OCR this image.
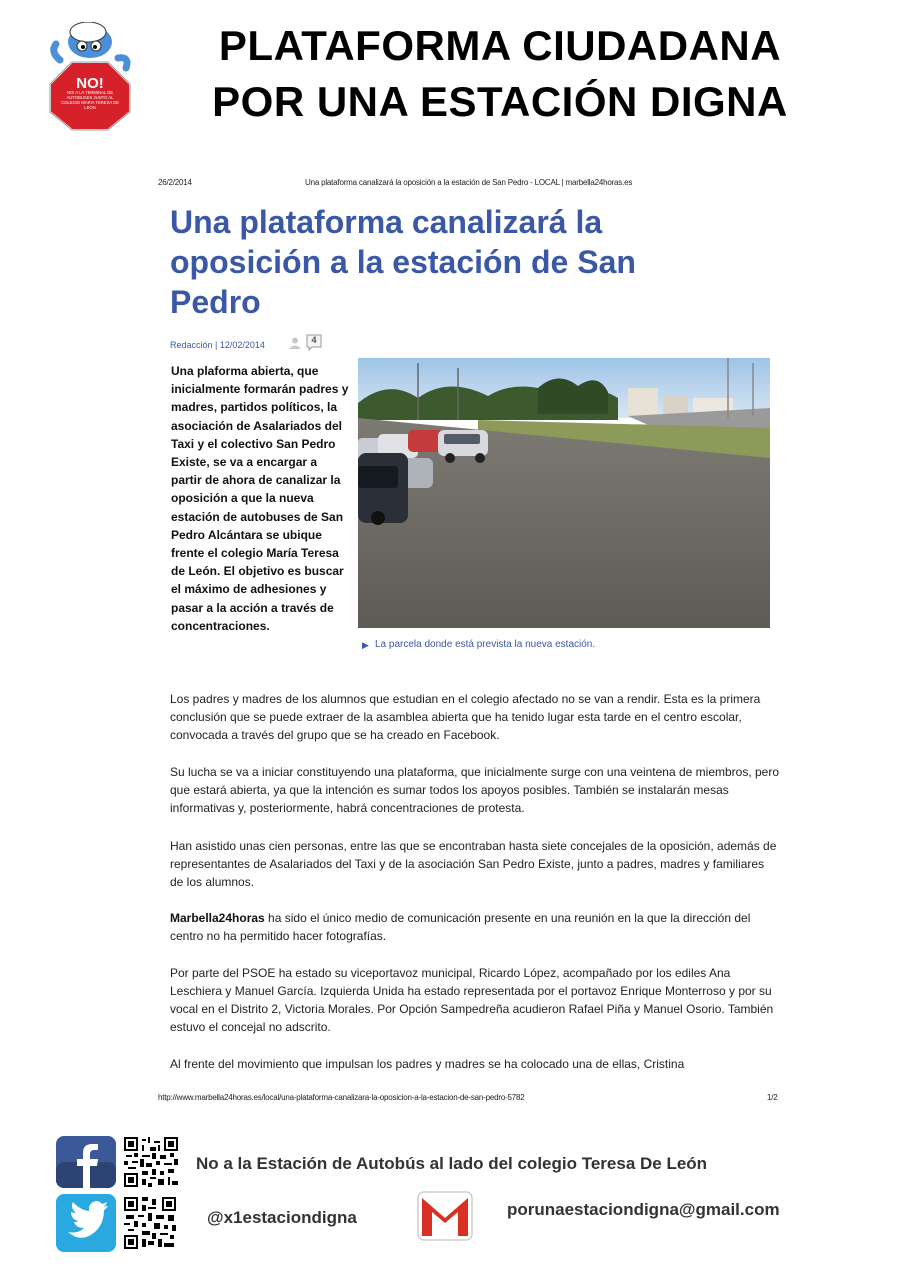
NO!
NO! A LA TERMINAL DE AUTOBUSES JUNTO AL COLEGIO MARIA TERESA DE LEON
PLATAFORMA CIUDADANA
POR UNA ESTACIÓN DIGNA
26/2/2014	Una plataforma canalizará la oposición a la estación de San Pedro - LOCAL | marbella24horas.es
Una plataforma canalizará la oposición a la estación de San Pedro
Redacción | 12/02/2014	4
Una plaforma abierta, que inicialmente formarán padres y madres, partidos políticos, la asociación de Asalariados del Taxi y el colectivo San Pedro Existe, se va a encargar a partir de ahora de canalizar la oposición a que la nueva estación de autobuses de San Pedro Alcántara se ubique frente el colegio María Teresa de León. El objetivo es buscar el máximo de adhesiones y pasar a la acción a través de concentraciones.
▶ La parcela donde está prevista la nueva estación.
Los padres y madres de los alumnos que estudian en el colegio afectado no se van a rendir. Esta es la primera conclusión que se puede extraer de la asamblea abierta que ha tenido lugar esta tarde en el centro escolar, convocada a través del grupo que se ha creado en Facebook.
Su lucha se va a iniciar constituyendo una plataforma, que inicialmente surge con una veintena de miembros, pero que estará abierta, ya que la intención es sumar todos los apoyos posibles. También se instalarán mesas informativas y, posteriormente, habrá concentraciones de protesta.
Han asistido unas cien personas, entre las que se encontraban hasta siete concejales de la oposición, además de representantes de Asalariados del Taxi y de la asociación San Pedro Existe, junto a padres, madres y familiares de los alumnos.
Marbella24horas ha sido el único medio de comunicación presente en una reunión en la que la dirección del centro no ha permitido hacer fotografías.
Por parte del PSOE ha estado su viceportavoz municipal, Ricardo López, acompañado por los ediles Ana Leschiera y Manuel García. Izquierda Unida ha estado representada por el portavoz Enrique Monterroso y por su vocal en el Distrito 2, Victoria Morales. Por Opción Sampedreña acudieron Rafael Piña y Manuel Osorio. También estuvo el concejal no adscrito.
Al frente del movimiento que impulsan los padres y madres se ha colocado una de ellas, Cristina
http://www.marbella24horas.es/local/una-plataforma-canalizara-la-oposicion-a-la-estacion-de-san-pedro-5782	1/2
No a la Estación de Autobús al lado del colegio Teresa De León
@x1estaciondigna	porunaestaciondigna@gmail.com
